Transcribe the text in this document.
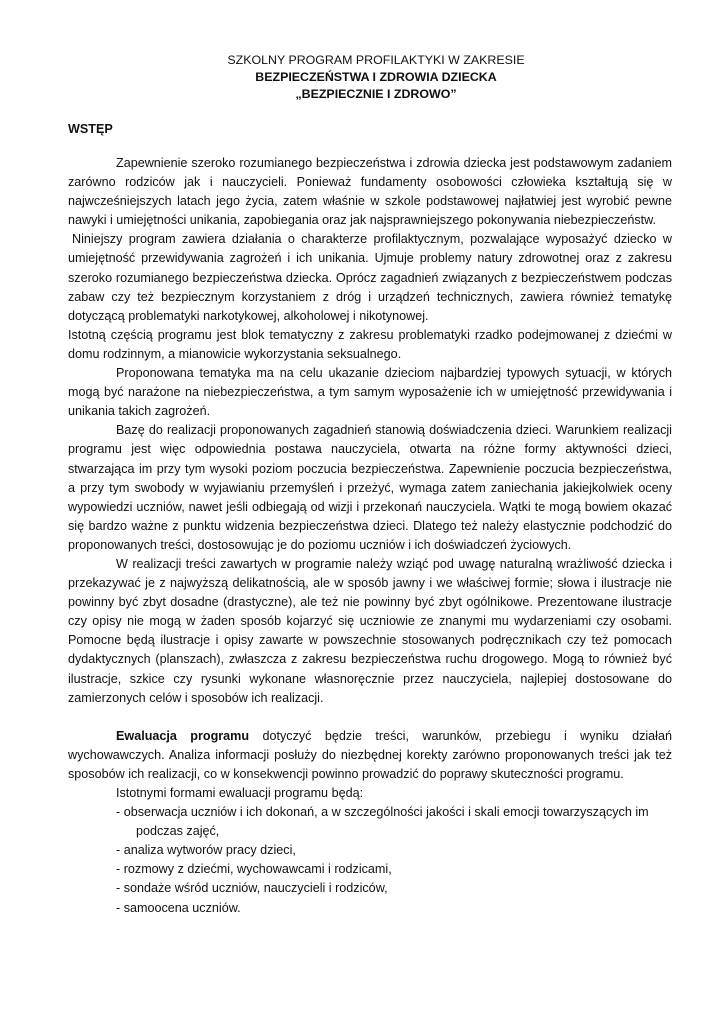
SZKOLNY PROGRAM PROFILAKTYKI W ZAKRESIE
BEZPIECZEŃSTWA I ZDROWIA DZIECKA
„BEZPIECZNIE I ZDROWO”
WSTĘP

Zapewnienie szeroko rozumianego bezpieczeństwa i zdrowia dziecka jest podstawowym zadaniem zarówno rodziców jak i nauczycieli. Ponieważ fundamenty osobowości człowieka kształtują się w najwcześniejszych latach jego życia, zatem właśnie w szkole podstawowej najłatwiej jest wyrobić pewne nawyki i umiejętności unikania, zapobiegania oraz jak najsprawniejszego pokonywania niebezpieczeństw.

Niniejszy program zawiera działania o charakterze profilaktycznym, pozwalające wyposażyć dziecko w umiejętność przewidywania zagrożeń i ich unikania. Ujmuje problemy natury zdrowotnej oraz z zakresu szeroko rozumianego bezpieczeństwa dziecka. Oprócz zagadnień związanych z bezpieczeństwem podczas zabaw czy też bezpiecznym korzystaniem z dróg i urządzeń technicznych, zawiera również tematykę dotyczącą problematyki narkotykowej, alkoholowej i nikotynowej.

Istotną częścią programu jest blok tematyczny z zakresu problematyki rzadko podejmowanej z dziećmi w domu rodzinnym, a mianowicie wykorzystania seksualnego.

Proponowana tematyka ma na celu ukazanie dzieciom najbardziej typowych sytuacji, w których mogą być narażone na niebezpieczeństwa, a tym samym wyposażenie ich w umiejętność przewidywania i unikania takich zagrożeń.

Bazę do realizacji proponowanych zagadnień stanowią doświadczenia dzieci. Warunkiem realizacji programu jest więc odpowiednia postawa nauczyciela, otwarta na różne formy aktywności dzieci, stwarzająca im przy tym wysoki poziom poczucia bezpieczeństwa. Zapewnienie poczucia bezpieczeństwa, a przy tym swobody w wyjawianiu przemyśleń i przeżyć, wymaga zatem zaniechania jakiejkolwiek oceny wypowiedzi uczniów, nawet jeśli odbiegają od wizji i przekonań nauczyciela. Wątki te mogą bowiem okazać się bardzo ważne z punktu widzenia bezpieczeństwa dzieci. Dlatego też należy elastycznie podchodzić do proponowanych treści, dostosowując je do poziomu uczniów i ich doświadczeń życiowych.

W realizacji treści zawartych w programie należy wziąć pod uwagę naturalną wrażliwość dziecka i przekazywać je z najwyższą delikatnością, ale w sposób jawny i we właściwej formie; słowa i ilustracje nie powinny być zbyt dosadne (drastyczne), ale też nie powinny być zbyt ogólnikowe. Prezentowane ilustracje czy opisy nie mogą w żaden sposób kojarzyć się uczniowie ze znanymi mu wydarzeniami czy osobami. Pomocne będą ilustracje i opisy zawarte w powszechnie stosowanych podręcznikach czy też pomocach dydaktycznych (planszach), zwłaszcza z zakresu bezpieczeństwa ruchu drogowego. Mogą to również być ilustracje, szkice czy rysunki wykonane własnoręcznie przez nauczyciela, najlepiej dostosowane do zamierzonych celów i sposobów ich realizacji.

Ewaluacja programu dotyczyć będzie treści, warunków, przebiegu i wyniku działań wychowawczych. Analiza informacji posłuży do niezbędnej korekty zarówno proponowanych treści jak też sposobów ich realizacji, co w konsekwencji powinno prowadzić do poprawy skuteczności programu.

Istotnymi formami ewaluacji programu będą:

- obserwacja uczniów i ich dokonań, a w szczególności jakości i skali emocji towarzyszących im
podczas zajęć,
- analiza wytworów pracy dzieci,
- rozmowy z dziećmi, wychowawcami i rodzicami,
- sondaże wśród uczniów, nauczycieli i rodziców,
- samoocena uczniów.
